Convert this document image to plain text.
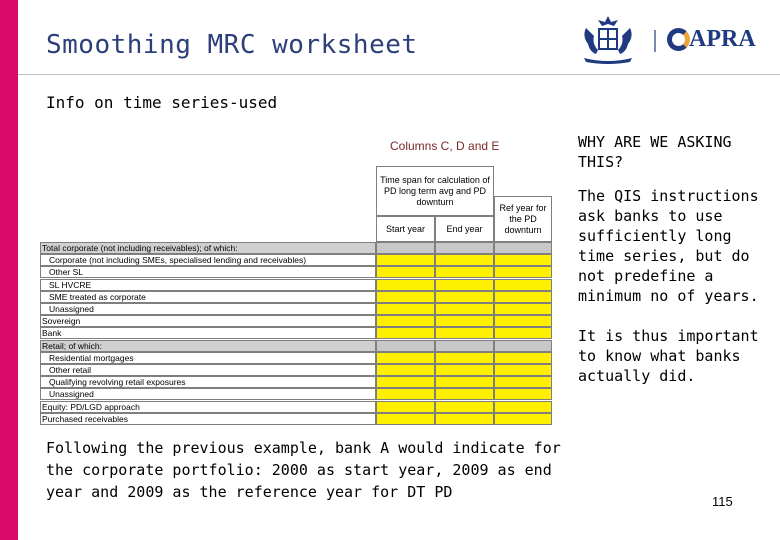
Smoothing MRC worksheet	APRA
Info on time series-used
Columns C, D and E
Time span for calculation of PD long term avg and PD downturn
Start year	End year
Ref year for the PD downturn
Total corporate (not including receivables); of which:
Corporate (not including SMEs, specialised lending and receivables)
Other SL
SL HVCRE
SME treated as corporate
Unassigned
Sovereign
Bank
Retail; of which:
Residential mortgages
Other retail
Qualifying revolving retail exposures
Unassigned
Equity: PD/LGD approach
Purchased receivables
WHY ARE WE ASKING THIS?
The QIS instructions ask banks to use sufficiently long time series, but do not predefine a minimum no of years.
It is thus important to know what banks actually did.
Following the previous example, bank A would indicate for the corporate portfolio: 2000 as start year, 2009 as end year and 2009 as the reference year for DT PD
115
